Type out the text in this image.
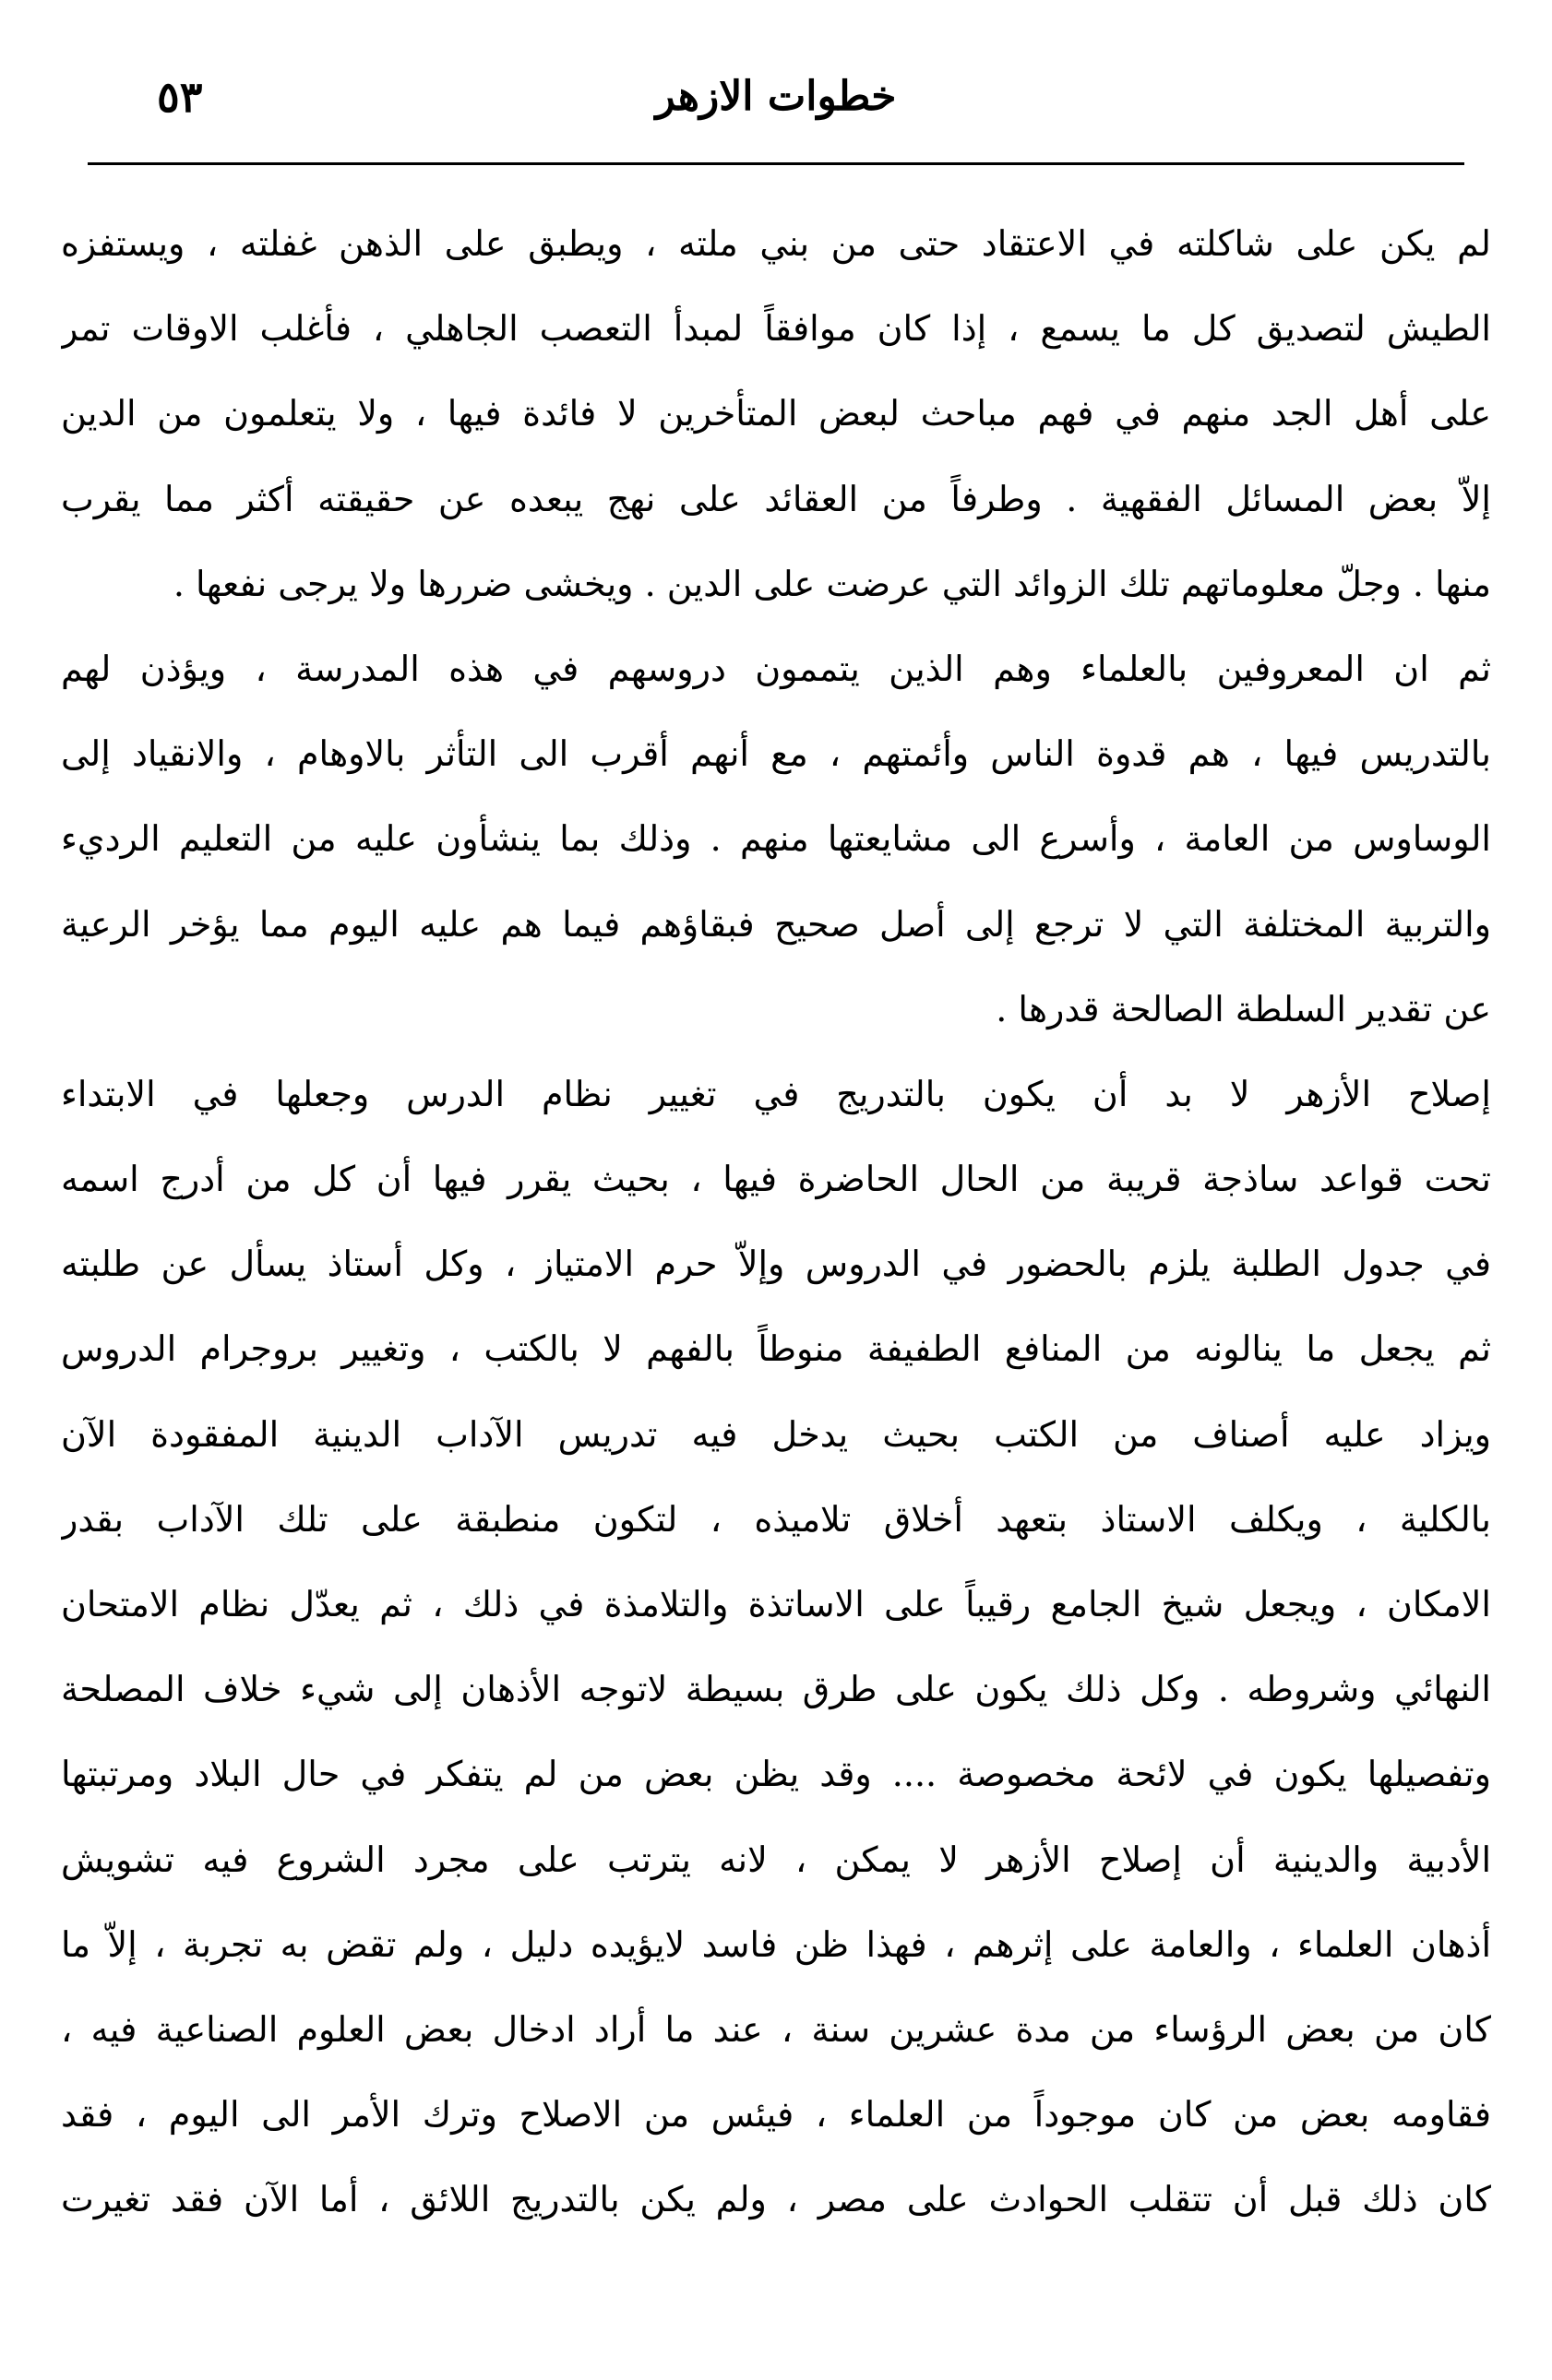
خطوات الازهر
٥٣
لم يكن على شاكلته في الاعتقاد حتى من بني ملته ، ويطبق على الذهن غفلته ، ويستفزه
الطيش لتصديق كل ما يسمع ، إذا كان موافقاً لمبدأ التعصب الجاهلي ، فأغلب الاوقات تمر
على أهل الجد منهم في فهم مباحث لبعض المتأخرين لا فائدة فيها ، ولا يتعلمون من الدين
إلاّ بعض المسائل الفقهية . وطرفاً من العقائد على نهج يبعده عن حقيقته أكثر مما يقرب
منها . وجلّ معلوماتهم تلك الزوائد التي عرضت على الدين . ويخشى ضررها ولا يرجى نفعها .
ثم ان المعروفين بالعلماء وهم الذين يتممون دروسهم في هذه المدرسة ، ويؤذن لهم
بالتدريس فيها ، هم قدوة الناس وأئمتهم ، مع أنهم أقرب الى التأثر بالاوهام ، والانقياد إلى
الوساوس من العامة ، وأسرع الى مشايعتها منهم . وذلك بما ينشأون عليه من التعليم الرديء
والتربية المختلفة التي لا ترجع إلى أصل صحيح فبقاؤهم فيما هم عليه اليوم مما يؤخر الرعية
عن تقدير السلطة الصالحة قدرها .
إصلاح الأزهر لا بد أن يكون بالتدريج في تغيير نظام الدرس وجعلها في الابتداء
تحت قواعد ساذجة قريبة من الحال الحاضرة فيها ، بحيث يقرر فيها أن كل من أدرج اسمه
في جدول الطلبة يلزم بالحضور في الدروس وإلاّ حرم الامتياز ، وكل أستاذ يسأل عن طلبته
ثم يجعل ما ينالونه من المنافع الطفيفة منوطاً بالفهم لا بالكتب ، وتغيير بروجرام الدروس
ويزاد عليه أصناف من الكتب بحيث يدخل فيه تدريس الآداب الدينية المفقودة الآن
بالكلية ، ويكلف الاستاذ بتعهد أخلاق تلاميذه ، لتكون منطبقة على تلك الآداب بقدر
الامكان ، ويجعل شيخ الجامع رقيباً على الاساتذة والتلامذة في ذلك ، ثم يعدّل نظام الامتحان
النهائي وشروطه . وكل ذلك يكون على طرق بسيطة لاتوجه الأذهان إلى شيء خلاف المصلحة
وتفصيلها يكون في لائحة مخصوصة .... وقد يظن بعض من لم يتفكر في حال البلاد ومرتبتها
الأدبية والدينية أن إصلاح الأزهر لا يمكن ، لانه يترتب على مجرد الشروع فيه تشويش
أذهان العلماء ، والعامة على إثرهم ، فهذا ظن فاسد لايؤيده دليل ، ولم تقض به تجربة ، إلاّ ما
كان من بعض الرؤساء من مدة عشرين سنة ، عند ما أراد ادخال بعض العلوم الصناعية فيه ،
فقاومه بعض من كان موجوداً من العلماء ، فيئس من الاصلاح وترك الأمر الى اليوم ، فقد
كان ذلك قبل أن تتقلب الحوادث على مصر ، ولم يكن بالتدريج اللائق ، أما الآن فقد تغيرت
